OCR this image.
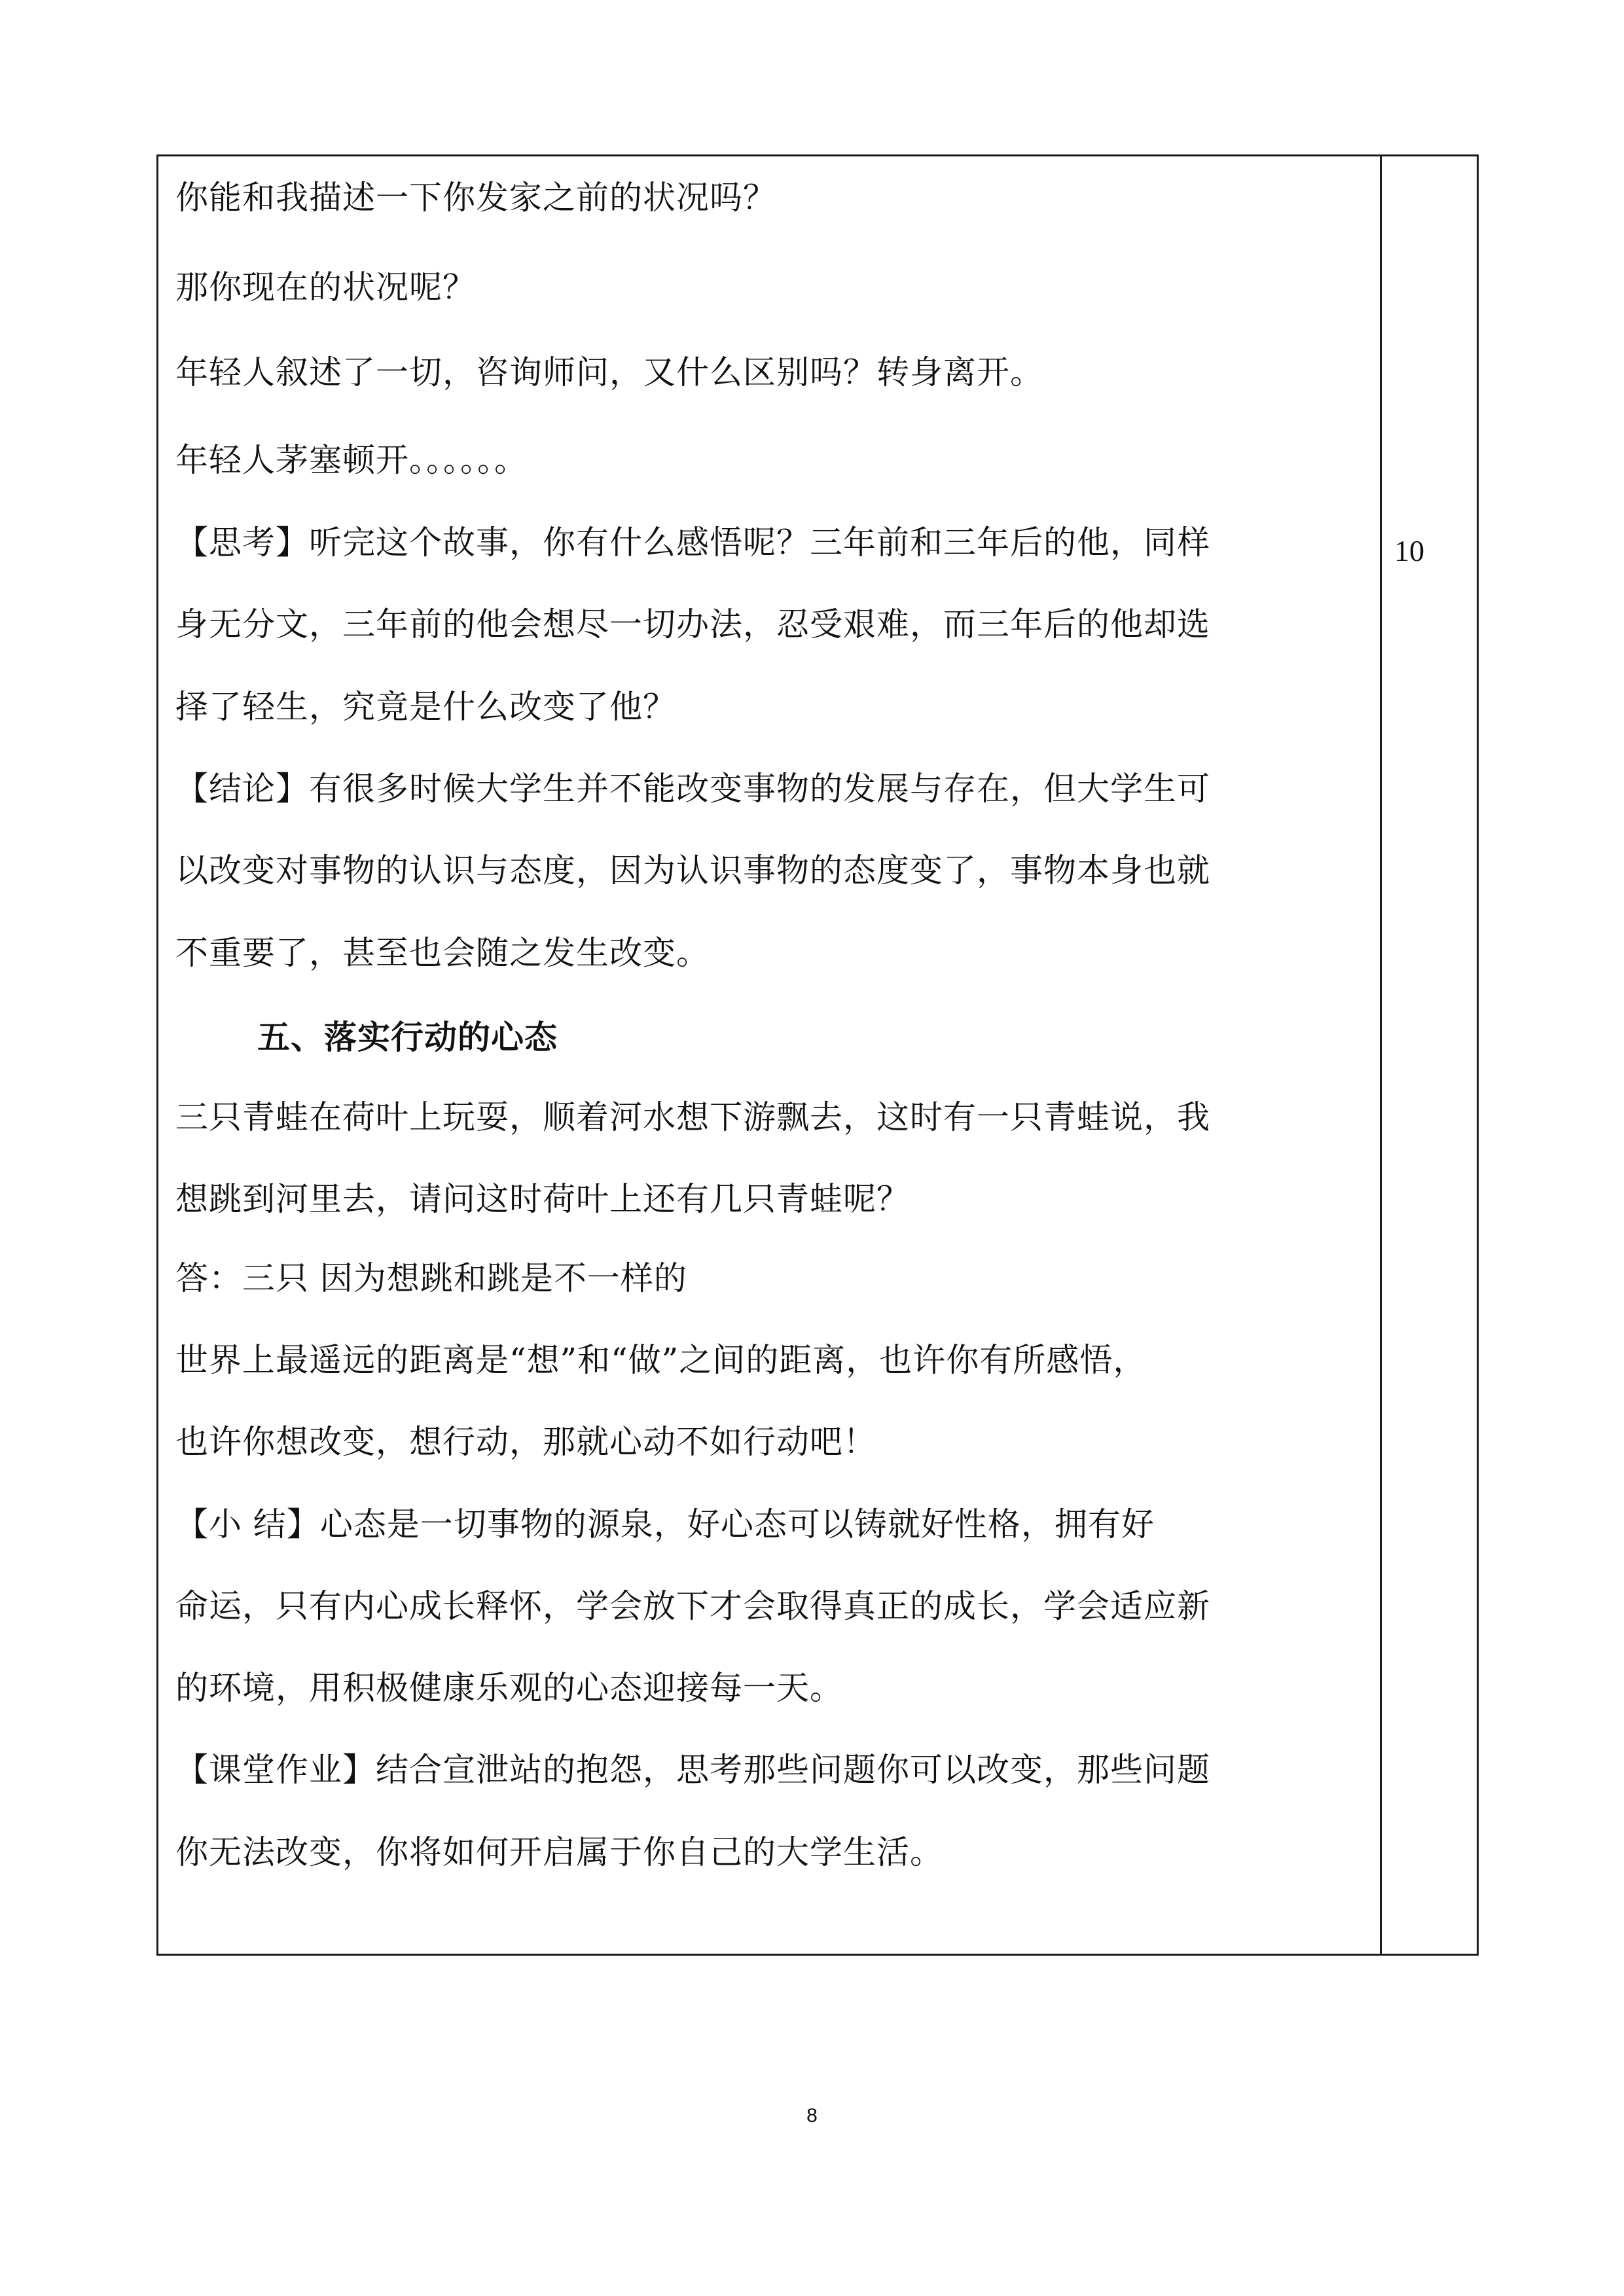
你能和我描述一下你发家之前的状况吗？
那你现在的状况呢？
年轻人叙述了一切，咨询师问，又什么区别吗？转身离开。
年轻人茅塞顿开。。。。。。
【思考】听完这个故事，你有什么感悟呢？三年前和三年后的他，同样
身无分文，三年前的他会想尽一切办法，忍受艰难，而三年后的他却选
择了轻生，究竟是什么改变了他？
【结论】有很多时候大学生并不能改变事物的发展与存在，但大学生可
以改变对事物的认识与态度，因为认识事物的态度变了，事物本身也就
不重要了，甚至也会随之发生改变。
五、落实行动的心态
三只青蛙在荷叶上玩耍，顺着河水想下游飘去，这时有一只青蛙说，我
想跳到河里去，请问这时荷叶上还有几只青蛙呢？
答：三只 因为想跳和跳是不一样的
世界上最遥远的距离是“想”和“做”之间的距离，也许你有所感悟，
也许你想改变，想行动，那就心动不如行动吧！
【小 结】心态是一切事物的源泉，好心态可以铸就好性格，拥有好
命运，只有内心成长释怀，学会放下才会取得真正的成长，学会适应新
的环境，用积极健康乐观的心态迎接每一天。
【课堂作业】结合宣泄站的抱怨，思考那些问题你可以改变，那些问题
你无法改变，你将如何开启属于你自己的大学生活。
10
8
